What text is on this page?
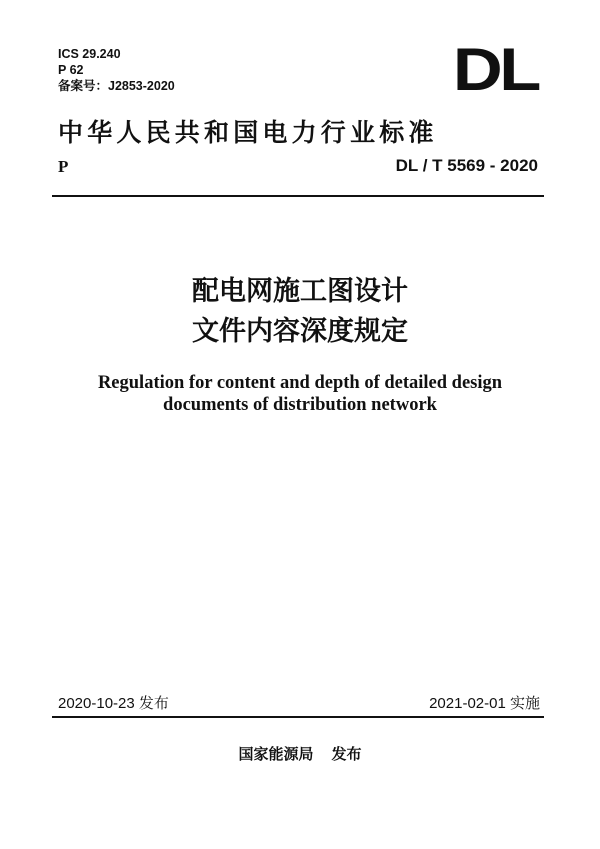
ICS 29.240
P 62
备案号：J2853-2020	DL
中华人民共和国电力行业标准
P	DL / T 5569 - 2020
配电网施工图设计
文件内容深度规定
Regulation for content and depth of detailed design
documents of distribution network
2020-10-23 发布	2021-02-01 实施
国家能源局 发布
